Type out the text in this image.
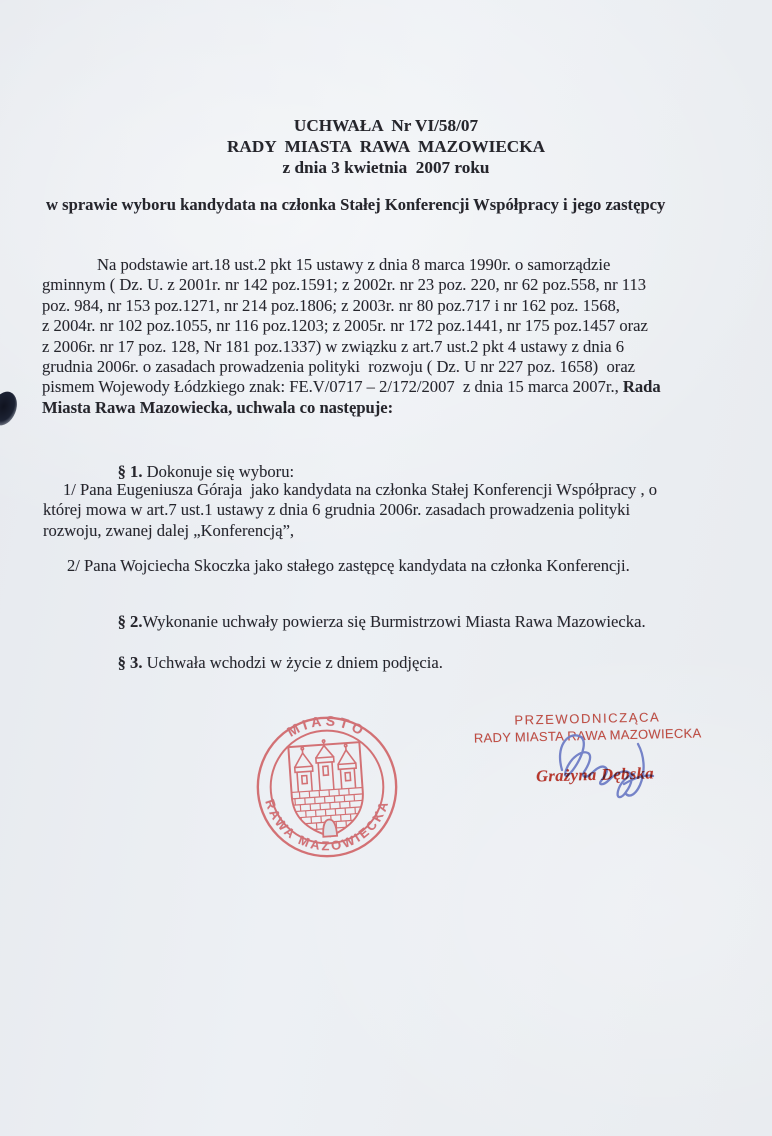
UCHWAŁA  Nr VI/58/07
RADY  MIASTA  RAWA  MAZOWIECKA
z dnia 3 kwietnia  2007 roku
w sprawie wyboru kandydata na członka Stałej Konferencji Współpracy i jego zastępcy
Na podstawie art.18 ust.2 pkt 15 ustawy z dnia 8 marca 1990r. o samorządzie
gminnym ( Dz. U. z 2001r. nr 142 poz.1591; z 2002r. nr 23 poz. 220, nr 62 poz.558, nr 113
poz. 984, nr 153 poz.1271, nr 214 poz.1806; z 2003r. nr 80 poz.717 i nr 162 poz. 1568,
z 2004r. nr 102 poz.1055, nr 116 poz.1203; z 2005r. nr 172 poz.1441, nr 175 poz.1457 oraz
z 2006r. nr 17 poz. 128, Nr 181 poz.1337) w związku z art.7 ust.2 pkt 4 ustawy z dnia 6
grudnia 2006r. o zasadach prowadzenia polityki  rozwoju ( Dz. U nr 227 poz. 1658)  oraz
pismem Wojewody Łódzkiego znak: FE.V/0717 – 2/172/2007  z dnia 15 marca 2007r., Rada
Miasta Rawa Mazowiecka, uchwala co następuje:

§ 1. Dokonuje się wyboru:

1/ Pana Eugeniusza Góraja  jako kandydata na członka Stałej Konferencji Współpracy , o
której mowa w art.7 ust.1 ustawy z dnia 6 grudnia 2006r. zasadach prowadzenia polityki
rozwoju, zwanej dalej „Konferencją”,
2/ Pana Wojciecha Skoczka jako stałego zastępcę kandydata na członka Konferencji.

§ 2.Wykonanie uchwały powierza się Burmistrzowi Miasta Rawa Mazowiecka.

§ 3. Uchwała wchodzi w życie z dniem podjęcia.

MIASTO
RAWA MAZOWIECKA
PRZEWODNICZĄCA
RADY MIASTA RAWA MAZOWIECKA
Grażyna Dębska
